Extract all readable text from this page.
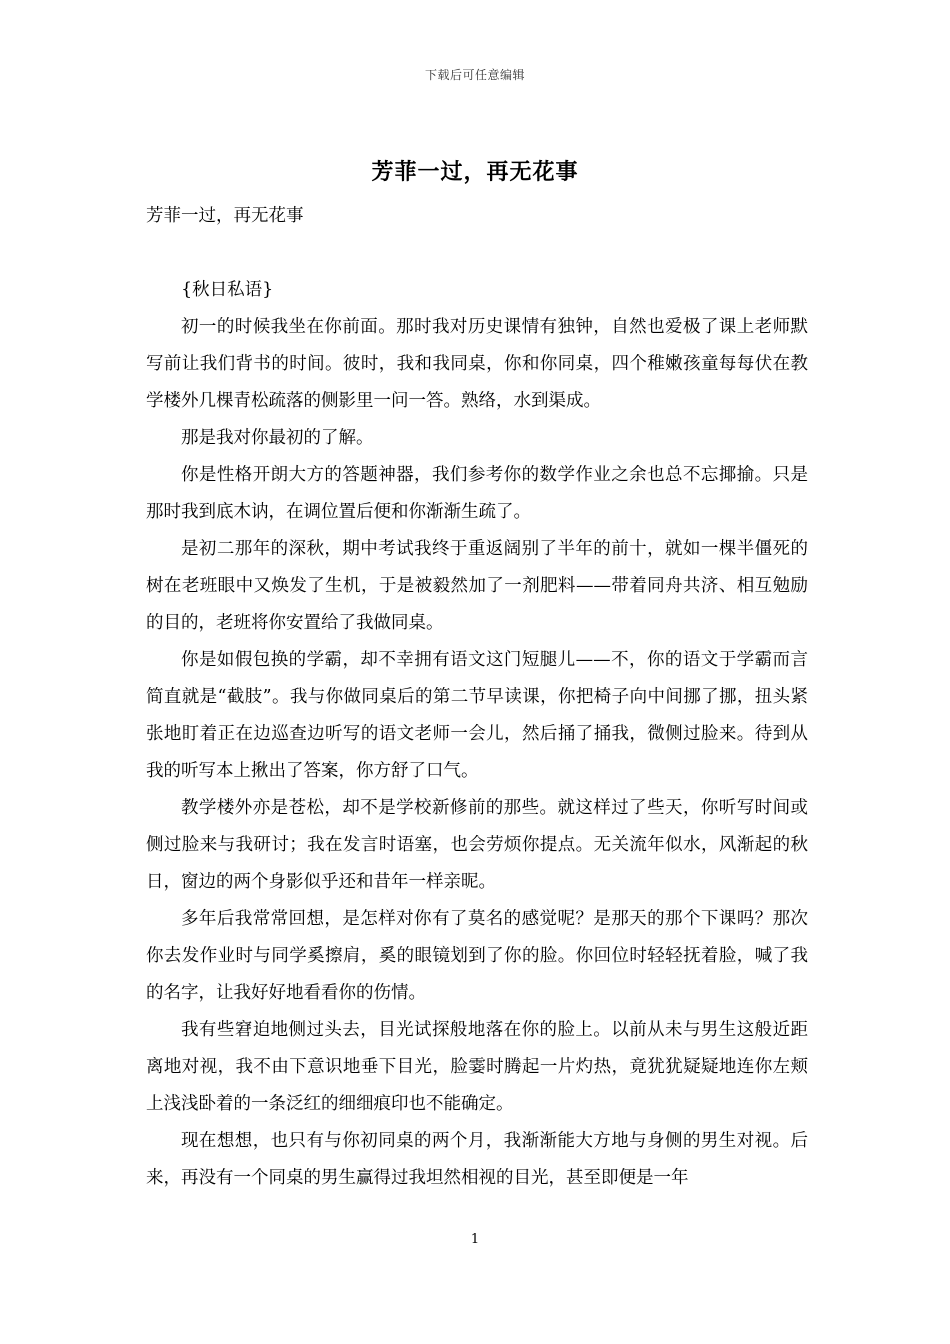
下载后可任意编辑
芳菲一过，再无花事

芳菲一过，再无花事

{秋日私语}

初一的时候我坐在你前面。那时我对历史课情有独钟，自然也爱极了课上老师默写前让我们背书的时间。彼时，我和我同桌，你和你同桌，四个稚嫩孩童每每伏在教学楼外几棵青松疏落的侧影里一问一答。熟络，水到渠成。

那是我对你最初的了解。

你是性格开朗大方的答题神器，我们参考你的数学作业之余也总不忘揶揄。只是那时我到底木讷，在调位置后便和你渐渐生疏了。

是初二那年的深秋，期中考试我终于重返阔别了半年的前十，就如一棵半僵死的树在老班眼中又焕发了生机，于是被毅然加了一剂肥料——带着同舟共济、相互勉励的目的，老班将你安置给了我做同桌。

你是如假包换的学霸，却不幸拥有语文这门短腿儿——不，你的语文于学霸而言简直就是“截肢”。我与你做同桌后的第二节早读课，你把椅子向中间挪了挪，扭头紧张地盯着正在边巡查边听写的语文老师一会儿，然后捅了捅我，微侧过脸来。待到从我的听写本上揪出了答案，你方舒了口气。

教学楼外亦是苍松，却不是学校新修前的那些。就这样过了些天，你听写时间或侧过脸来与我研讨；我在发言时语塞，也会劳烦你提点。无关流年似水，风渐起的秋日，窗边的两个身影似乎还和昔年一样亲昵。

多年后我常常回想，是怎样对你有了莫名的感觉呢？是那天的那个下课吗？那次你去发作业时与同学奚擦肩，奚的眼镜划到了你的脸。你回位时轻轻抚着脸，喊了我的名字，让我好好地看看你的伤情。

我有些窘迫地侧过头去，目光试探般地落在你的脸上。以前从未与男生这般近距离地对视，我不由下意识地垂下目光，脸霎时腾起一片灼热，竟犹犹疑疑地连你左颊上浅浅卧着的一条泛红的细细痕印也不能确定。

现在想想，也只有与你初同桌的两个月，我渐渐能大方地与身侧的男生对视。后来，再没有一个同桌的男生赢得过我坦然相视的目光，甚至即便是一年

1
